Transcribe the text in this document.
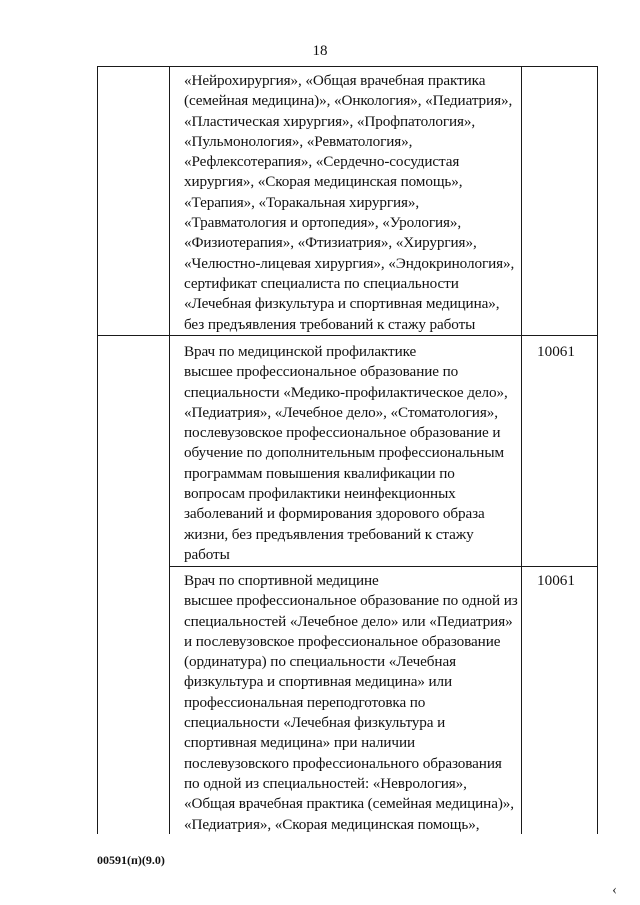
18
«Нейрохирургия», «Общая врачебная практика
(семейная медицина)», «Онкология», «Педиатрия»,
«Пластическая хирургия», «Профпатология»,
«Пульмонология», «Ревматология»,
«Рефлексотерапия», «Сердечно-сосудистая
хирургия», «Скорая медицинская помощь»,
«Терапия», «Торакальная хирургия»,
«Травматология и ортопедия», «Урология»,
«Физиотерапия», «Фтизиатрия», «Хирургия»,
«Челюстно-лицевая хирургия», «Эндокринология»,
сертификат специалиста по специальности
«Лечебная физкультура и спортивная медицина»,
без предъявления требований к стажу работы
Врач по медицинской профилактике
высшее профессиональное образование по
специальности «Медико-профилактическое дело»,
«Педиатрия», «Лечебное дело», «Стоматология»,
послевузовское профессиональное образование и
обучение по дополнительным профессиональным
программам повышения квалификации по
вопросам профилактики неинфекционных
заболеваний и формирования здорового образа
жизни, без предъявления требований к стажу
работы
10061
Врач по спортивной медицине
высшее профессиональное образование по одной из
специальностей «Лечебное дело» или «Педиатрия»
и послевузовское профессиональное образование
(ординатура) по специальности «Лечебная
физкультура и спортивная медицина» или
профессиональная переподготовка по
специальности «Лечебная физкультура и
спортивная медицина» при наличии
послевузовского профессионального образования
по одной из специальностей: «Неврология»,
«Общая врачебная практика (семейная медицина)»,
«Педиатрия», «Скорая медицинская помощь»,
10061
00591(п)(9.0)
‹
